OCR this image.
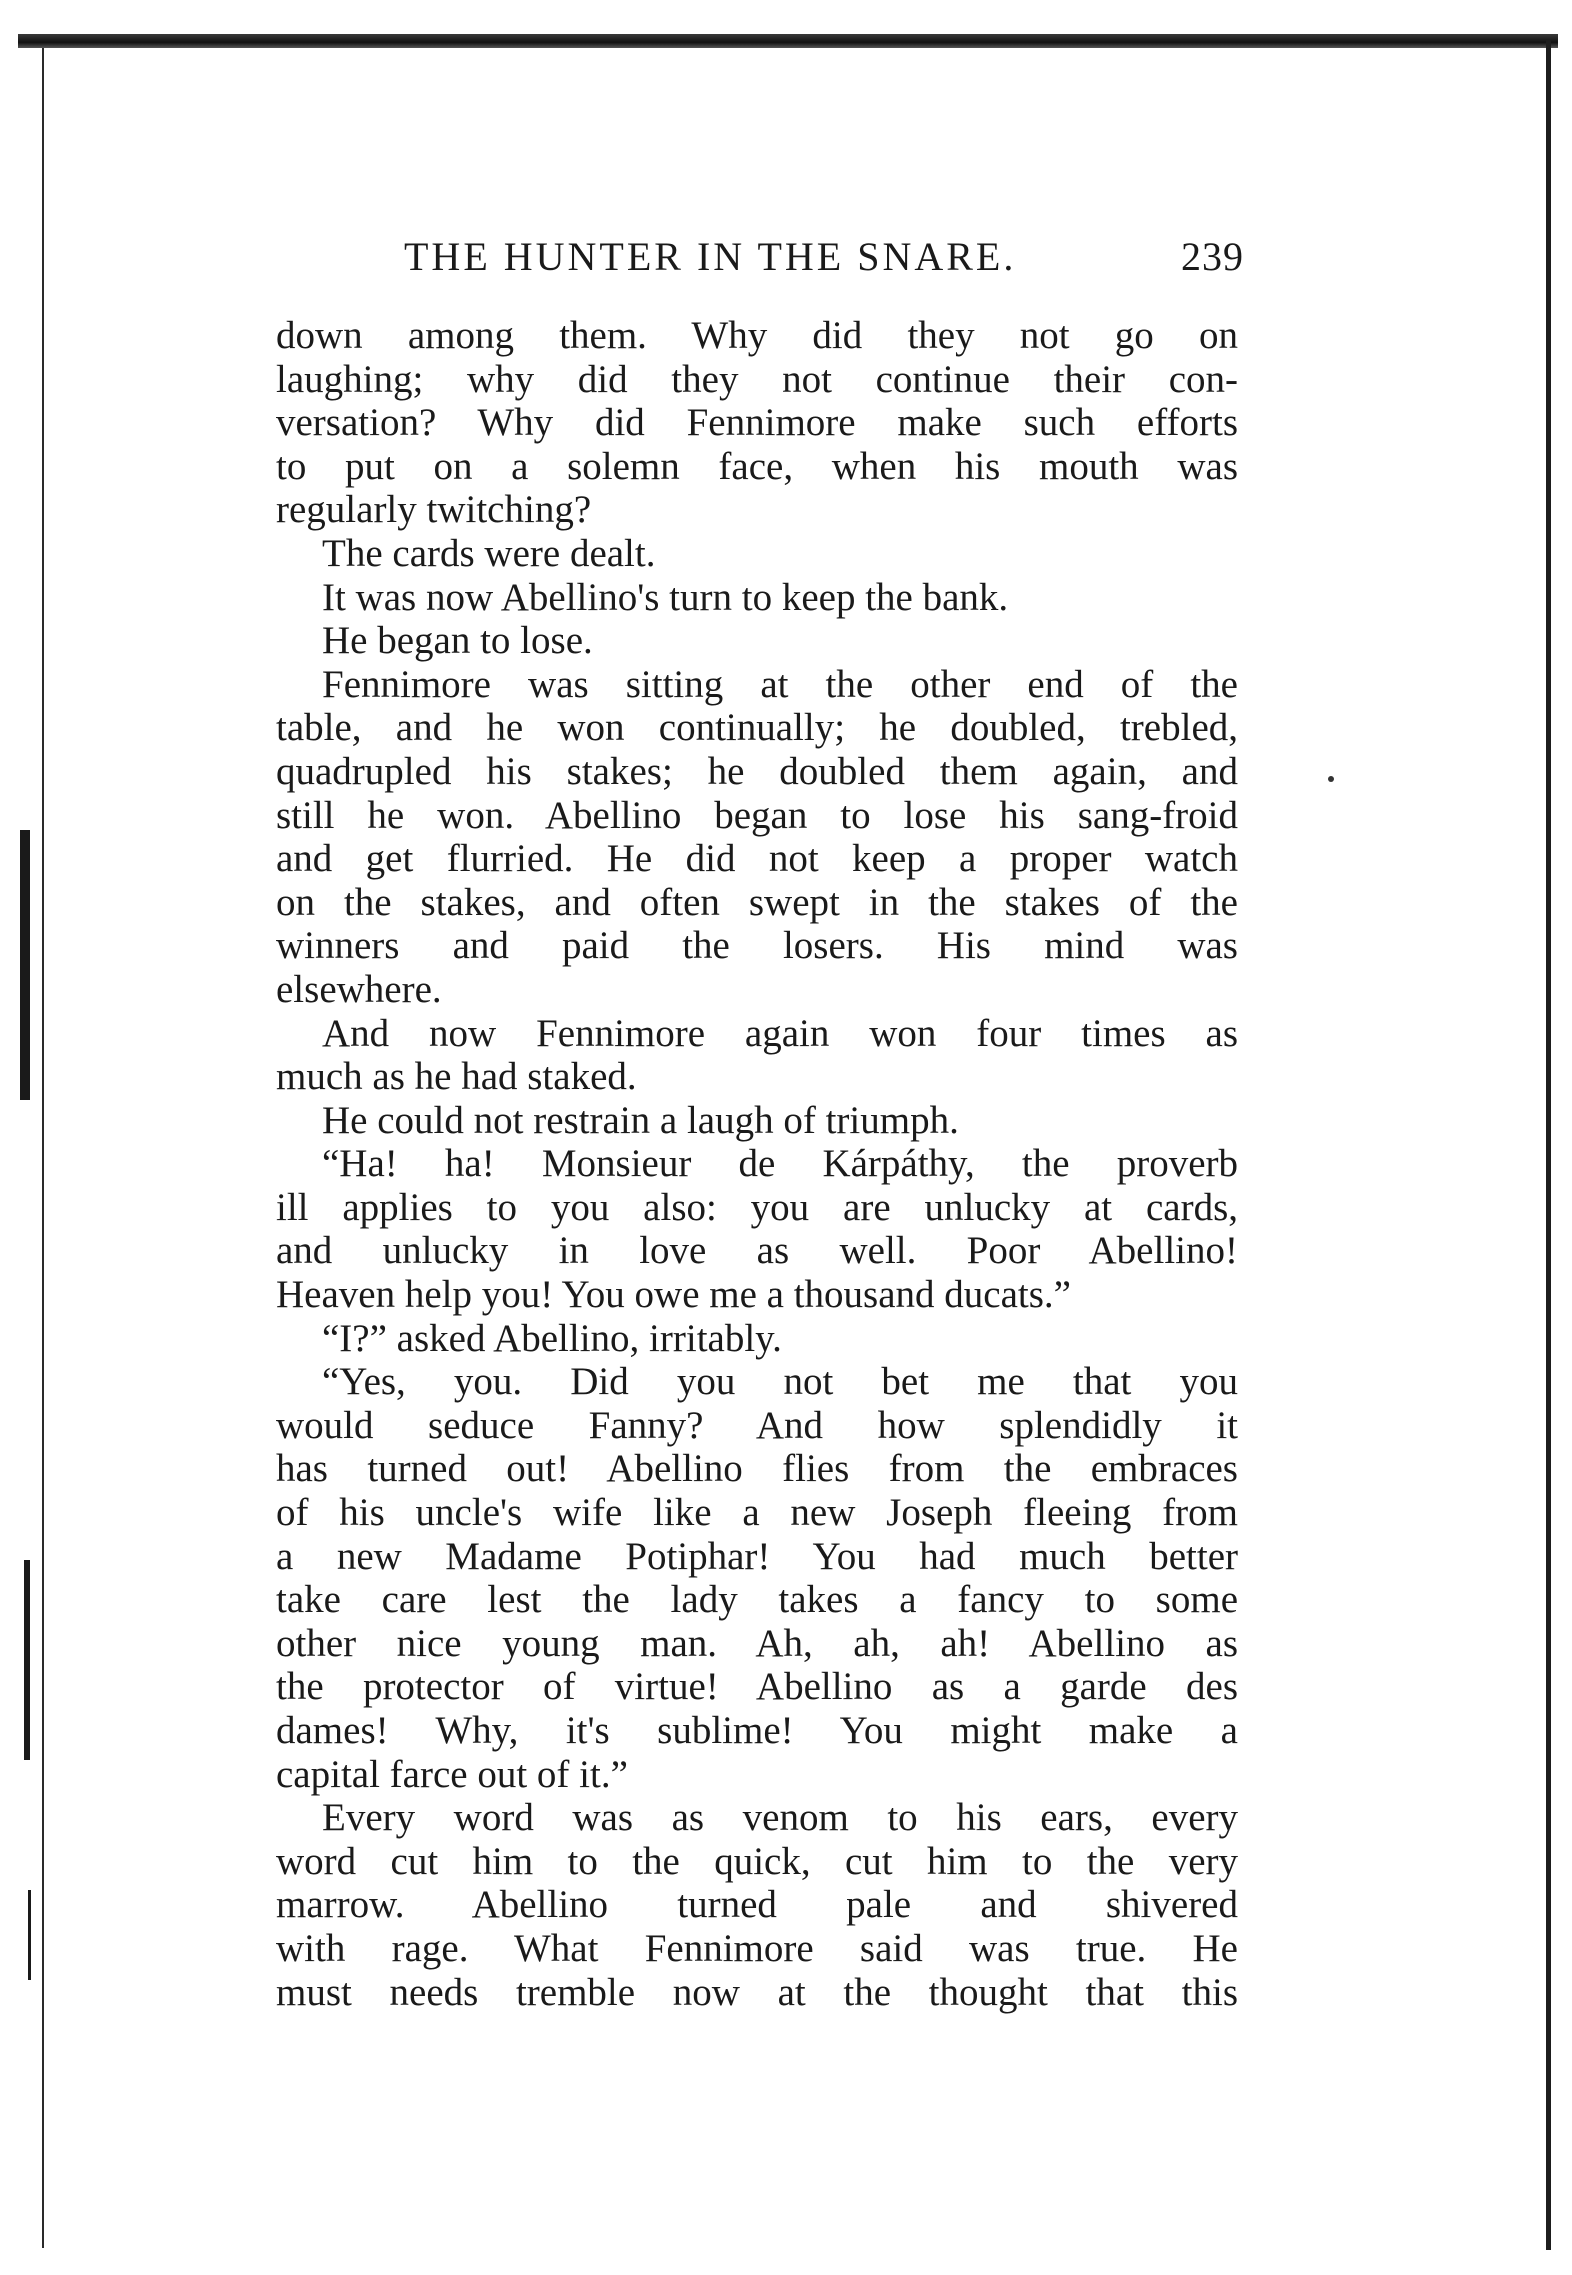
THE HUNTER IN THE SNARE.	239
down among them. Why did they not go on
laughing; why did they not continue their con-
versation? Why did Fennimore make such efforts
to put on a solemn face, when his mouth was
regularly twitching?
The cards were dealt.
It was now Abellino's turn to keep the bank.
He began to lose.
Fennimore was sitting at the other end of the
table, and he won continually; he doubled, trebled,
quadrupled his stakes; he doubled them again, and
still he won. Abellino began to lose his sang-froid
and get flurried. He did not keep a proper watch
on the stakes, and often swept in the stakes of the
winners and paid the losers. His mind was
elsewhere.
And now Fennimore again won four times as
much as he had staked.
He could not restrain a laugh of triumph.
“Ha! ha! Monsieur de Kárpáthy, the proverb
ill applies to you also: you are unlucky at cards,
and unlucky in love as well. Poor Abellino!
Heaven help you! You owe me a thousand ducats.”
“I?” asked Abellino, irritably.
“Yes, you. Did you not bet me that you
would seduce Fanny? And how splendidly it
has turned out! Abellino flies from the embraces
of his uncle's wife like a new Joseph fleeing from
a new Madame Potiphar! You had much better
take care lest the lady takes a fancy to some
other nice young man. Ah, ah, ah! Abellino as
the protector of virtue! Abellino as a garde des
dames! Why, it's sublime! You might make a
capital farce out of it.”
Every word was as venom to his ears, every
word cut him to the quick, cut him to the very
marrow. Abellino turned pale and shivered
with rage. What Fennimore said was true. He
must needs tremble now at the thought that this
